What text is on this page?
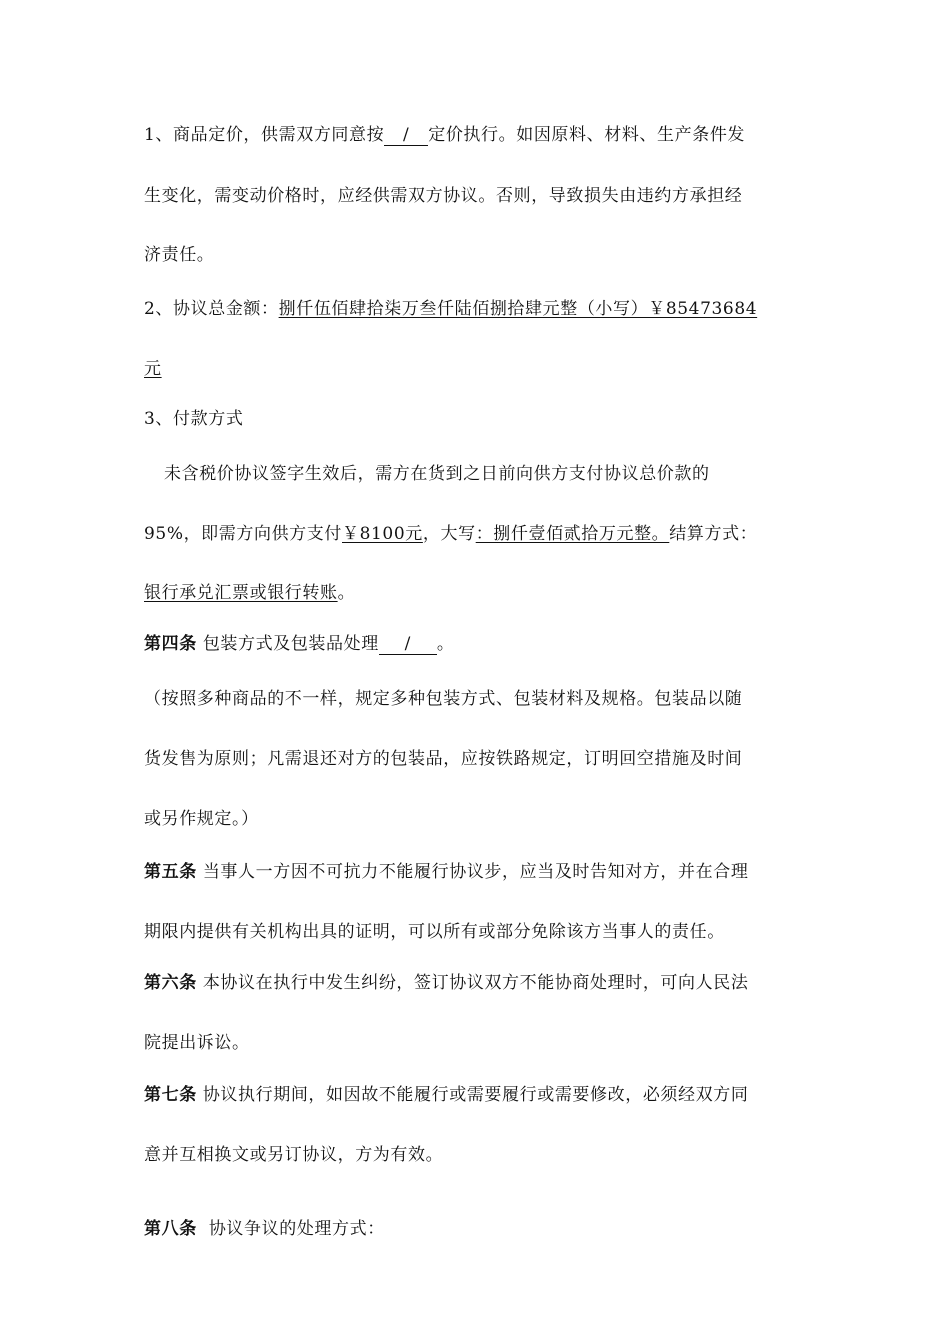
1、商品定价，供需双方同意按 / 定价执行。如因原料、材料、生产条件发
生变化，需变动价格时，应经供需双方协议。否则，导致损失由违约方承担经
济责任。
2、协议总金额：捌仟伍佰肆拾柒万叁仟陆佰捌拾肆元整（小写）￥85473684
元
3、付款方式
未含税价协议签字生效后，需方在货到之日前向供方支付协议总价款的
95%，即需方向供方支付￥8100元，大写：捌仟壹佰贰拾万元整。结算方式：
银行承兑汇票或银行转账。
第四条 包装方式及包装品处理 / 。
（按照多种商品的不一样，规定多种包装方式、包装材料及规格。包装品以随
货发售为原则；凡需退还对方的包装品，应按铁路规定，订明回空措施及时间
或另作规定。）
第五条 当事人一方因不可抗力不能履行协议步，应当及时告知对方，并在合理
期限内提供有关机构出具的证明，可以所有或部分免除该方当事人的责任。
第六条 本协议在执行中发生纠纷，签订协议双方不能协商处理时，可向人民法
院提出诉讼。
第七条 协议执行期间，如因故不能履行或需要履行或需要修改，必须经双方同
意并互相换文或另订协议，方为有效。
第八条  协议争议的处理方式：
